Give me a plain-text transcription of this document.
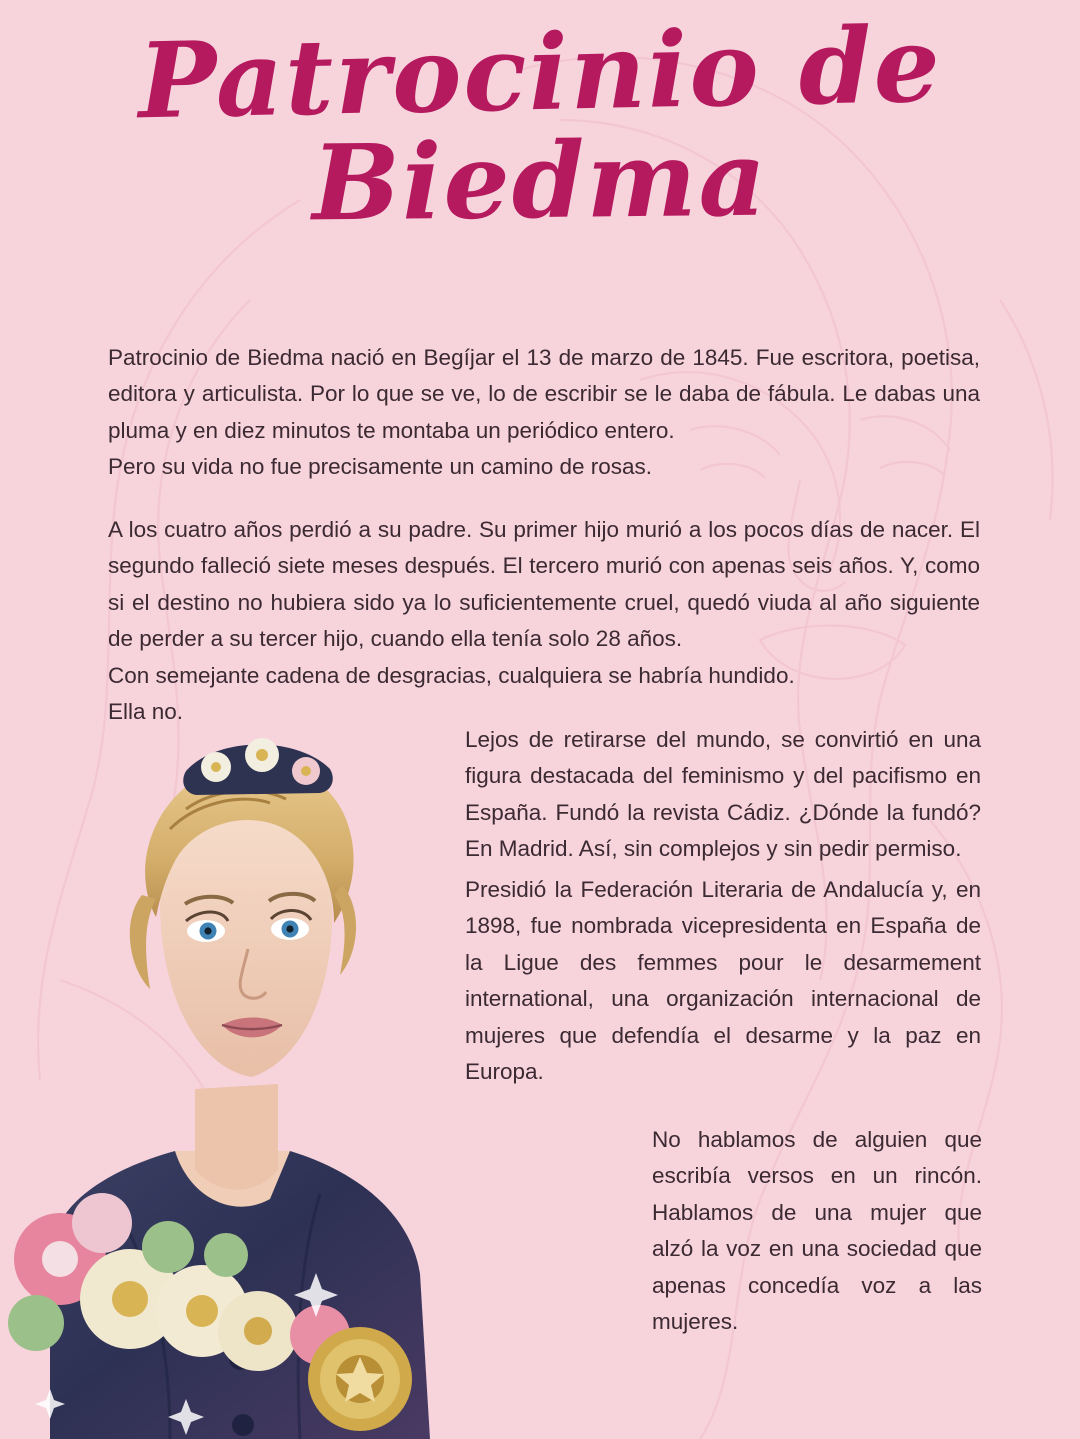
Patrocinio de
Biedma

Patrocinio de Biedma nació en Begíjar el 13 de marzo de 1845. Fue escritora, poetisa, editora y articulista. Por lo que se ve, lo de escribir se le daba de fábula. Le dabas una pluma y en diez minutos te montaba un periódico entero.

Pero su vida no fue precisamente un camino de rosas.

A los cuatro años perdió a su padre. Su primer hijo murió a los pocos días de nacer. El segundo falleció siete meses después. El tercero murió con apenas seis años. Y, como si el destino no hubiera sido ya lo suficientemente cruel, quedó viuda al año siguiente de perder a su tercer hijo, cuando ella tenía solo 28 años.

Con semejante cadena de desgracias, cualquiera se habría hundido.

Ella no.

Lejos de retirarse del mundo, se convirtió en una figura destacada del feminismo y del pacifismo en España. Fundó la revista Cádiz. ¿Dónde la fundó? En Madrid. Así, sin complejos y sin pedir permiso.

Presidió la Federación Literaria de Andalucía y, en 1898, fue nombrada vicepresidenta en España de la Ligue des femmes pour le desarmement international, una organización internacional de mujeres que defendía el desarme y la paz en Europa.

No hablamos de alguien que escribía versos en un rincón. Hablamos de una mujer que alzó la voz en una sociedad que apenas concedía voz a las mujeres.
